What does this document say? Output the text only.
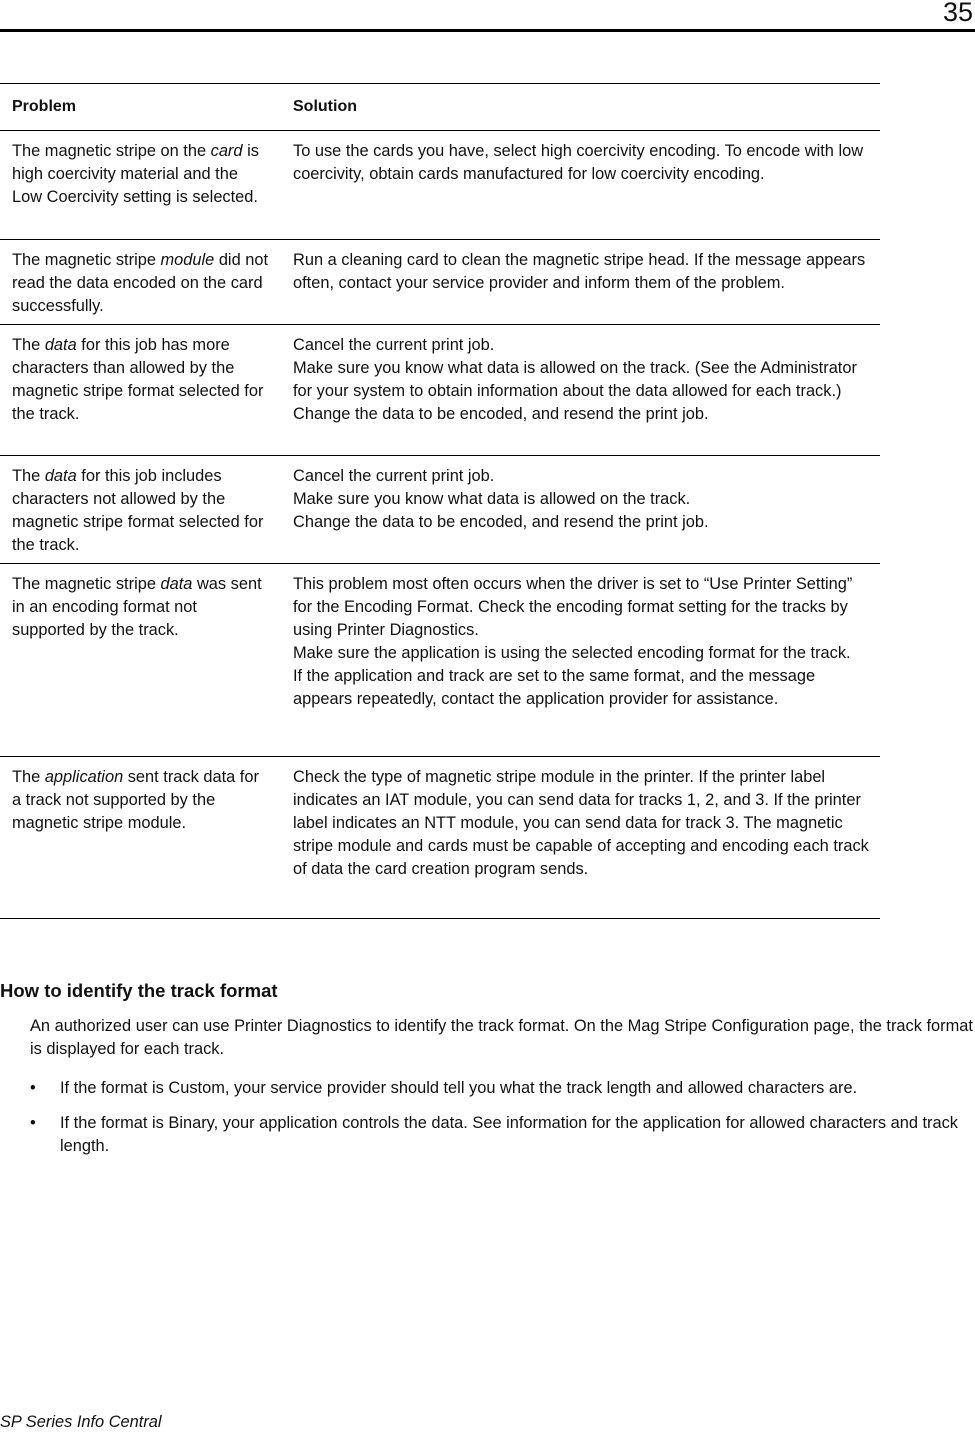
35
Problem	Solution
The magnetic stripe on the card is high coercivity material and the Low Coercivity setting is selected.

To use the cards you have, select high coercivity encoding. To encode with low coercivity, obtain cards manufactured for low coercivity encoding.

The magnetic stripe module did not read the data encoded on the card successfully.

Run a cleaning card to clean the magnetic stripe head. If the message appears often, contact your service provider and inform them of the problem.

The data for this job has more characters than allowed by the magnetic stripe format selected for the track.

Cancel the current print job.

Make sure you know what data is allowed on the track. (See the Administrator for your system to obtain information about the data allowed for each track.)

Change the data to be encoded, and resend the print job.

The data for this job includes characters not allowed by the magnetic stripe format selected for the track.

Cancel the current print job.

Make sure you know what data is allowed on the track.

Change the data to be encoded, and resend the print job.

The magnetic stripe data was sent in an encoding format not supported by the track.

This problem most often occurs when the driver is set to “Use Printer Setting” for the Encoding Format. Check the encoding format setting for the tracks by using Printer Diagnostics.

Make sure the application is using the selected encoding format for the track.

If the application and track are set to the same format, and the message appears repeatedly, contact the application provider for assistance.

The application sent track data for a track not supported by the magnetic stripe module.

Check the type of magnetic stripe module in the printer. If the printer label indicates an IAT module, you can send data for tracks 1, 2, and 3. If the printer label indicates an NTT module, you can send data for track 3. The magnetic stripe module and cards must be capable of accepting and encoding each track of data the card creation program sends.

How to identify the track format

An authorized user can use Printer Diagnostics to identify the track format. On the Mag Stripe Configuration page, the track format is displayed for each track.

• If the format is Custom, your service provider should tell you what the track length and allowed characters are.
• If the format is Binary, your application controls the data. See information for the application for allowed characters and track length.
SP Series Info Central
